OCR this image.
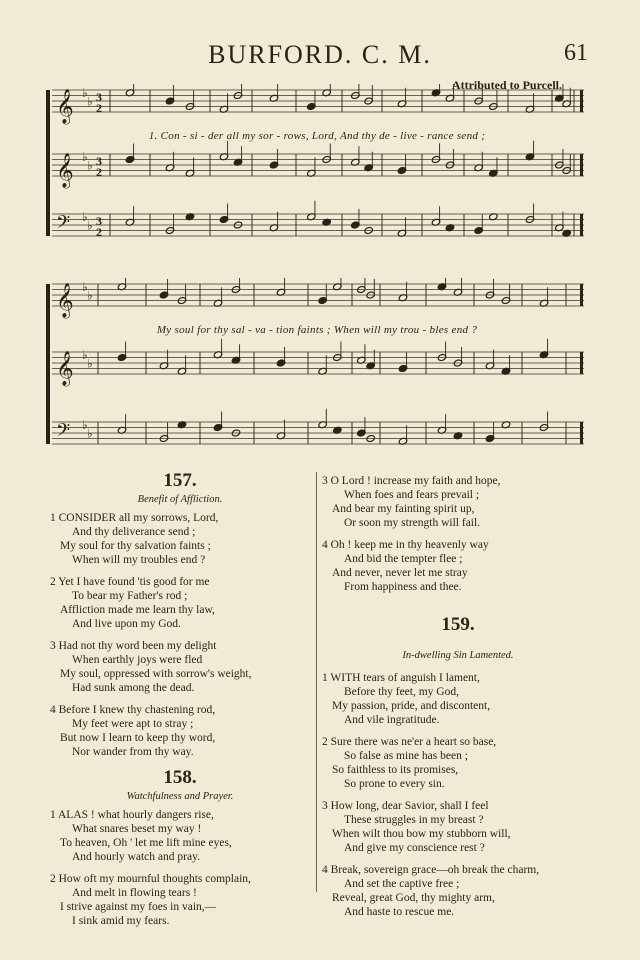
BURFORD. C. M.	61
Attributed to Purcell.
𝄞 ♭
♭ 3
2
𝄞 ♭
♭ 3
2
𝄢 ♭
♭ 3
2
1. Con - si - der all my sor - rows, Lord, And thy de - live - rance send ;
𝄞 ♭
♭
𝄞 ♭
♭
𝄢 ♭
♭
My soul for thy sal - va - tion faints ; When will my trou - bles end ?

157.

Benefit of Affliction.

1 CONSIDER all my sorrows, Lord,

And thy deliverance send ;

My soul for thy salvation faints ;

When will my troubles end ?

2 Yet I have found 'tis good for me

To bear my Father's rod ;

Affliction made me learn thy law,

And live upon my God.

3 Had not thy word been my delight

When earthly joys were fled

My soul, oppressed with sorrow's weight,

Had sunk among the dead.

4 Before I knew thy chastening rod,

My feet were apt to stray ;

But now I learn to keep thy word,

Nor wander from thy way.

158.

Watchfulness and Prayer.

1 ALAS ! what hourly dangers rise,

What snares beset my way !

To heaven, Oh ' let me lift mine eyes,

And hourly watch and pray.

2 How oft my mournful thoughts complain,

And melt in flowing tears !

I strive against my foes in vain,—

I sink amid my fears.

3 O Lord ! increase my faith and hope,

When foes and fears prevail ;

And bear my fainting spirit up,

Or soon my strength will fail.

4 Oh ! keep me in thy heavenly way

And bid the tempter flee ;

And never, never let me stray

From happiness and thee.

159.

In-dwelling Sin Lamented.

1 WITH tears of anguish I lament,

Before thy feet, my God,

My passion, pride, and discontent,

And vile ingratitude.

2 Sure there was ne'er a heart so base,

So false as mine has been ;

So faithless to its promises,

So prone to every sin.

3 How long, dear Savior, shall I feel

These struggles in my breast ?

When wilt thou bow my stubborn will,

And give my conscience rest ?

4 Break, sovereign grace—oh break the charm,

And set the captive free ;

Reveal, great God, thy mighty arm,

And haste to rescue me.
